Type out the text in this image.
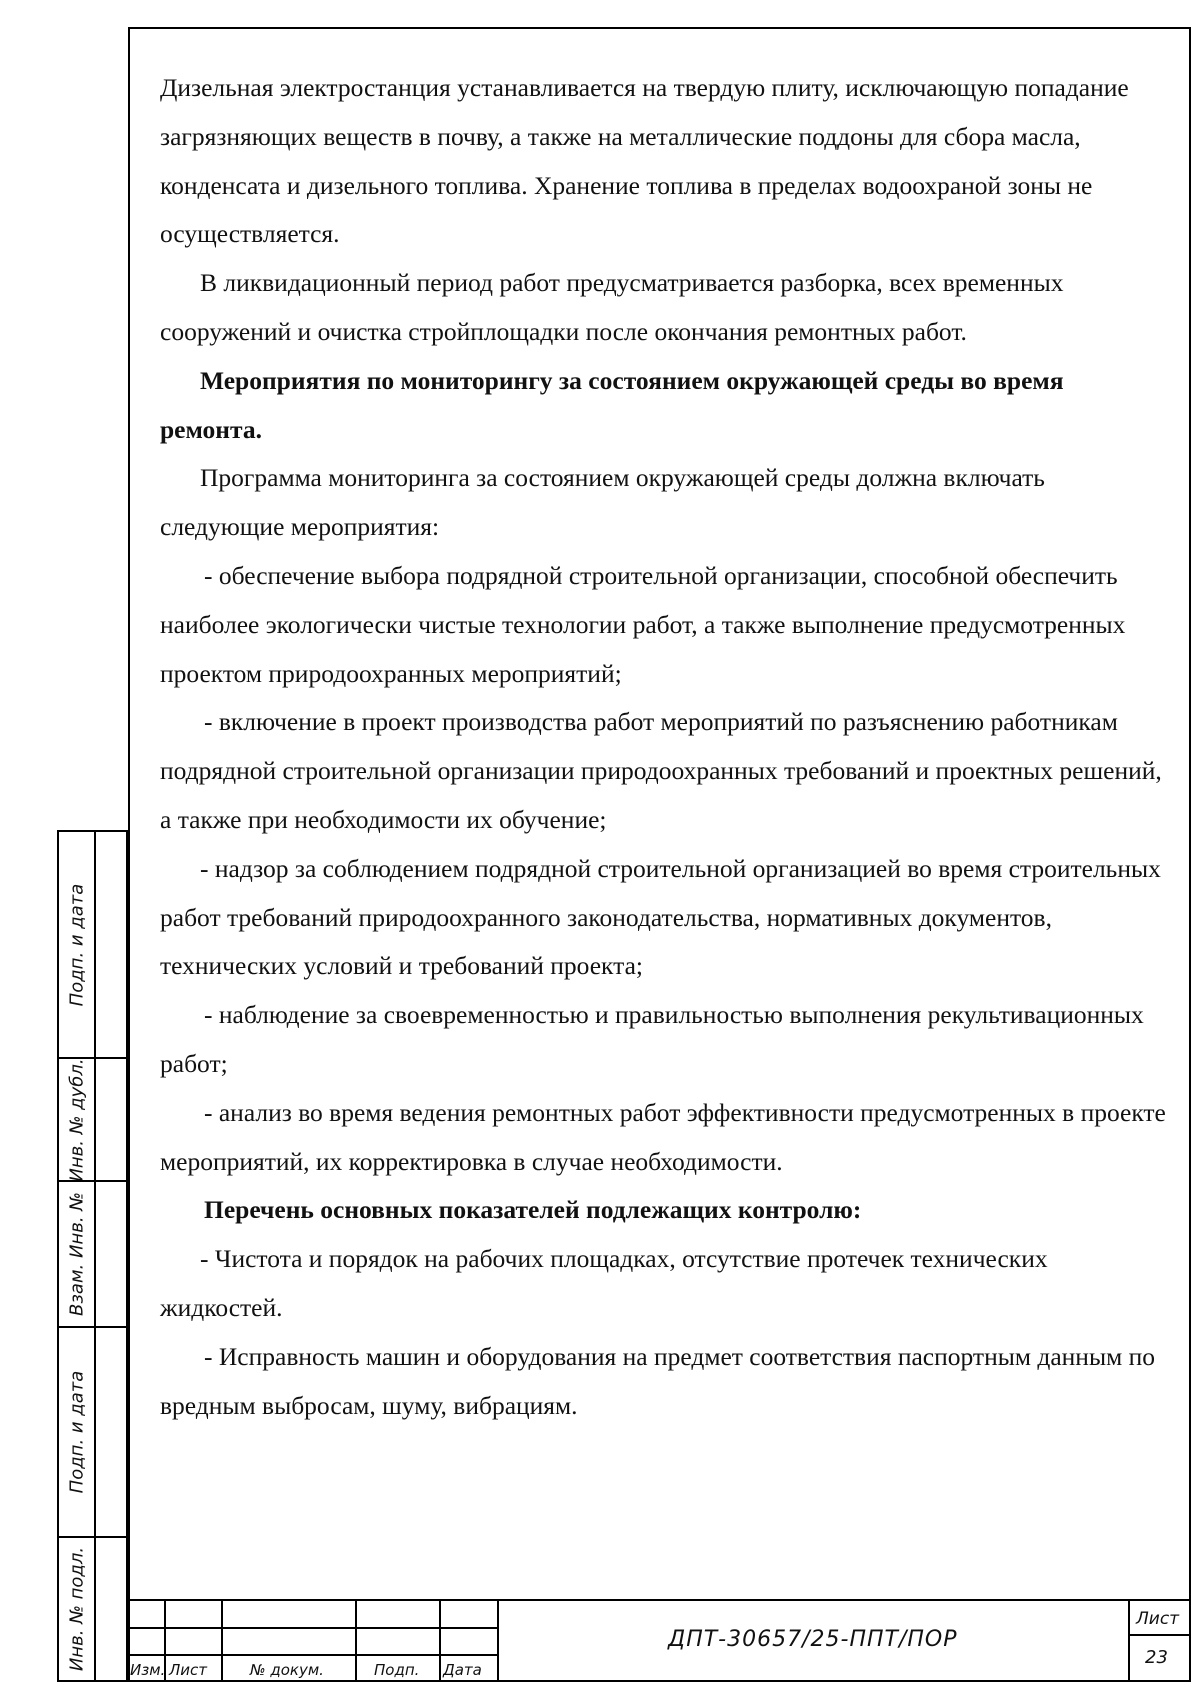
Дизельная электростанция устанавливается на твердую плиту, исключающую попадание загрязняющих веществ в почву, а также на металлические поддоны для сбора масла, конденсата и дизельного топлива. Хранение топлива в пределах водоохраной зоны не осуществляется.

В ликвидационный период работ предусматривается разборка, всех временных сооружений и очистка стройплощадки после окончания ремонтных работ.

Мероприятия по мониторингу за состоянием окружающей среды во время ремонта.

Программа мониторинга за состоянием окружающей среды должна включать следующие мероприятия:

- обеспечение выбора подрядной строительной организации, способной обеспечить наиболее экологически чистые технологии работ, а также выполнение предусмотренных проектом природоохранных мероприятий;

- включение в проект производства работ мероприятий по разъяснению работникам подрядной строительной организации природоохранных требований и проектных решений, а также при необходимости их обучение;

- надзор за соблюдением подрядной строительной организацией во время строительных работ требований природоохранного законодательства, нормативных документов, технических условий и требований проекта;

- наблюдение за своевременностью и правильностью выполнения рекультивационных работ;

- анализ во время ведения ремонтных работ эффективности предусмотренных в проекте мероприятий, их корректировка в случае необходимости.

Перечень основных показателей подлежащих контролю:

- Чистота и порядок на рабочих площадках, отсутствие протечек технических жидкостей.

- Исправность машин и оборудования на предмет соответствия паспортным данным по вредным выбросам, шуму, вибрациям.

Подп. и дата
Инв. № дубл.
Взам. Инв. №
Подп. и дата
Инв. № подл.	Изм. Лист	№ докум.	Подп. Дата
ДПТ-30657/25-ППТ/ПОР
Лист
23
